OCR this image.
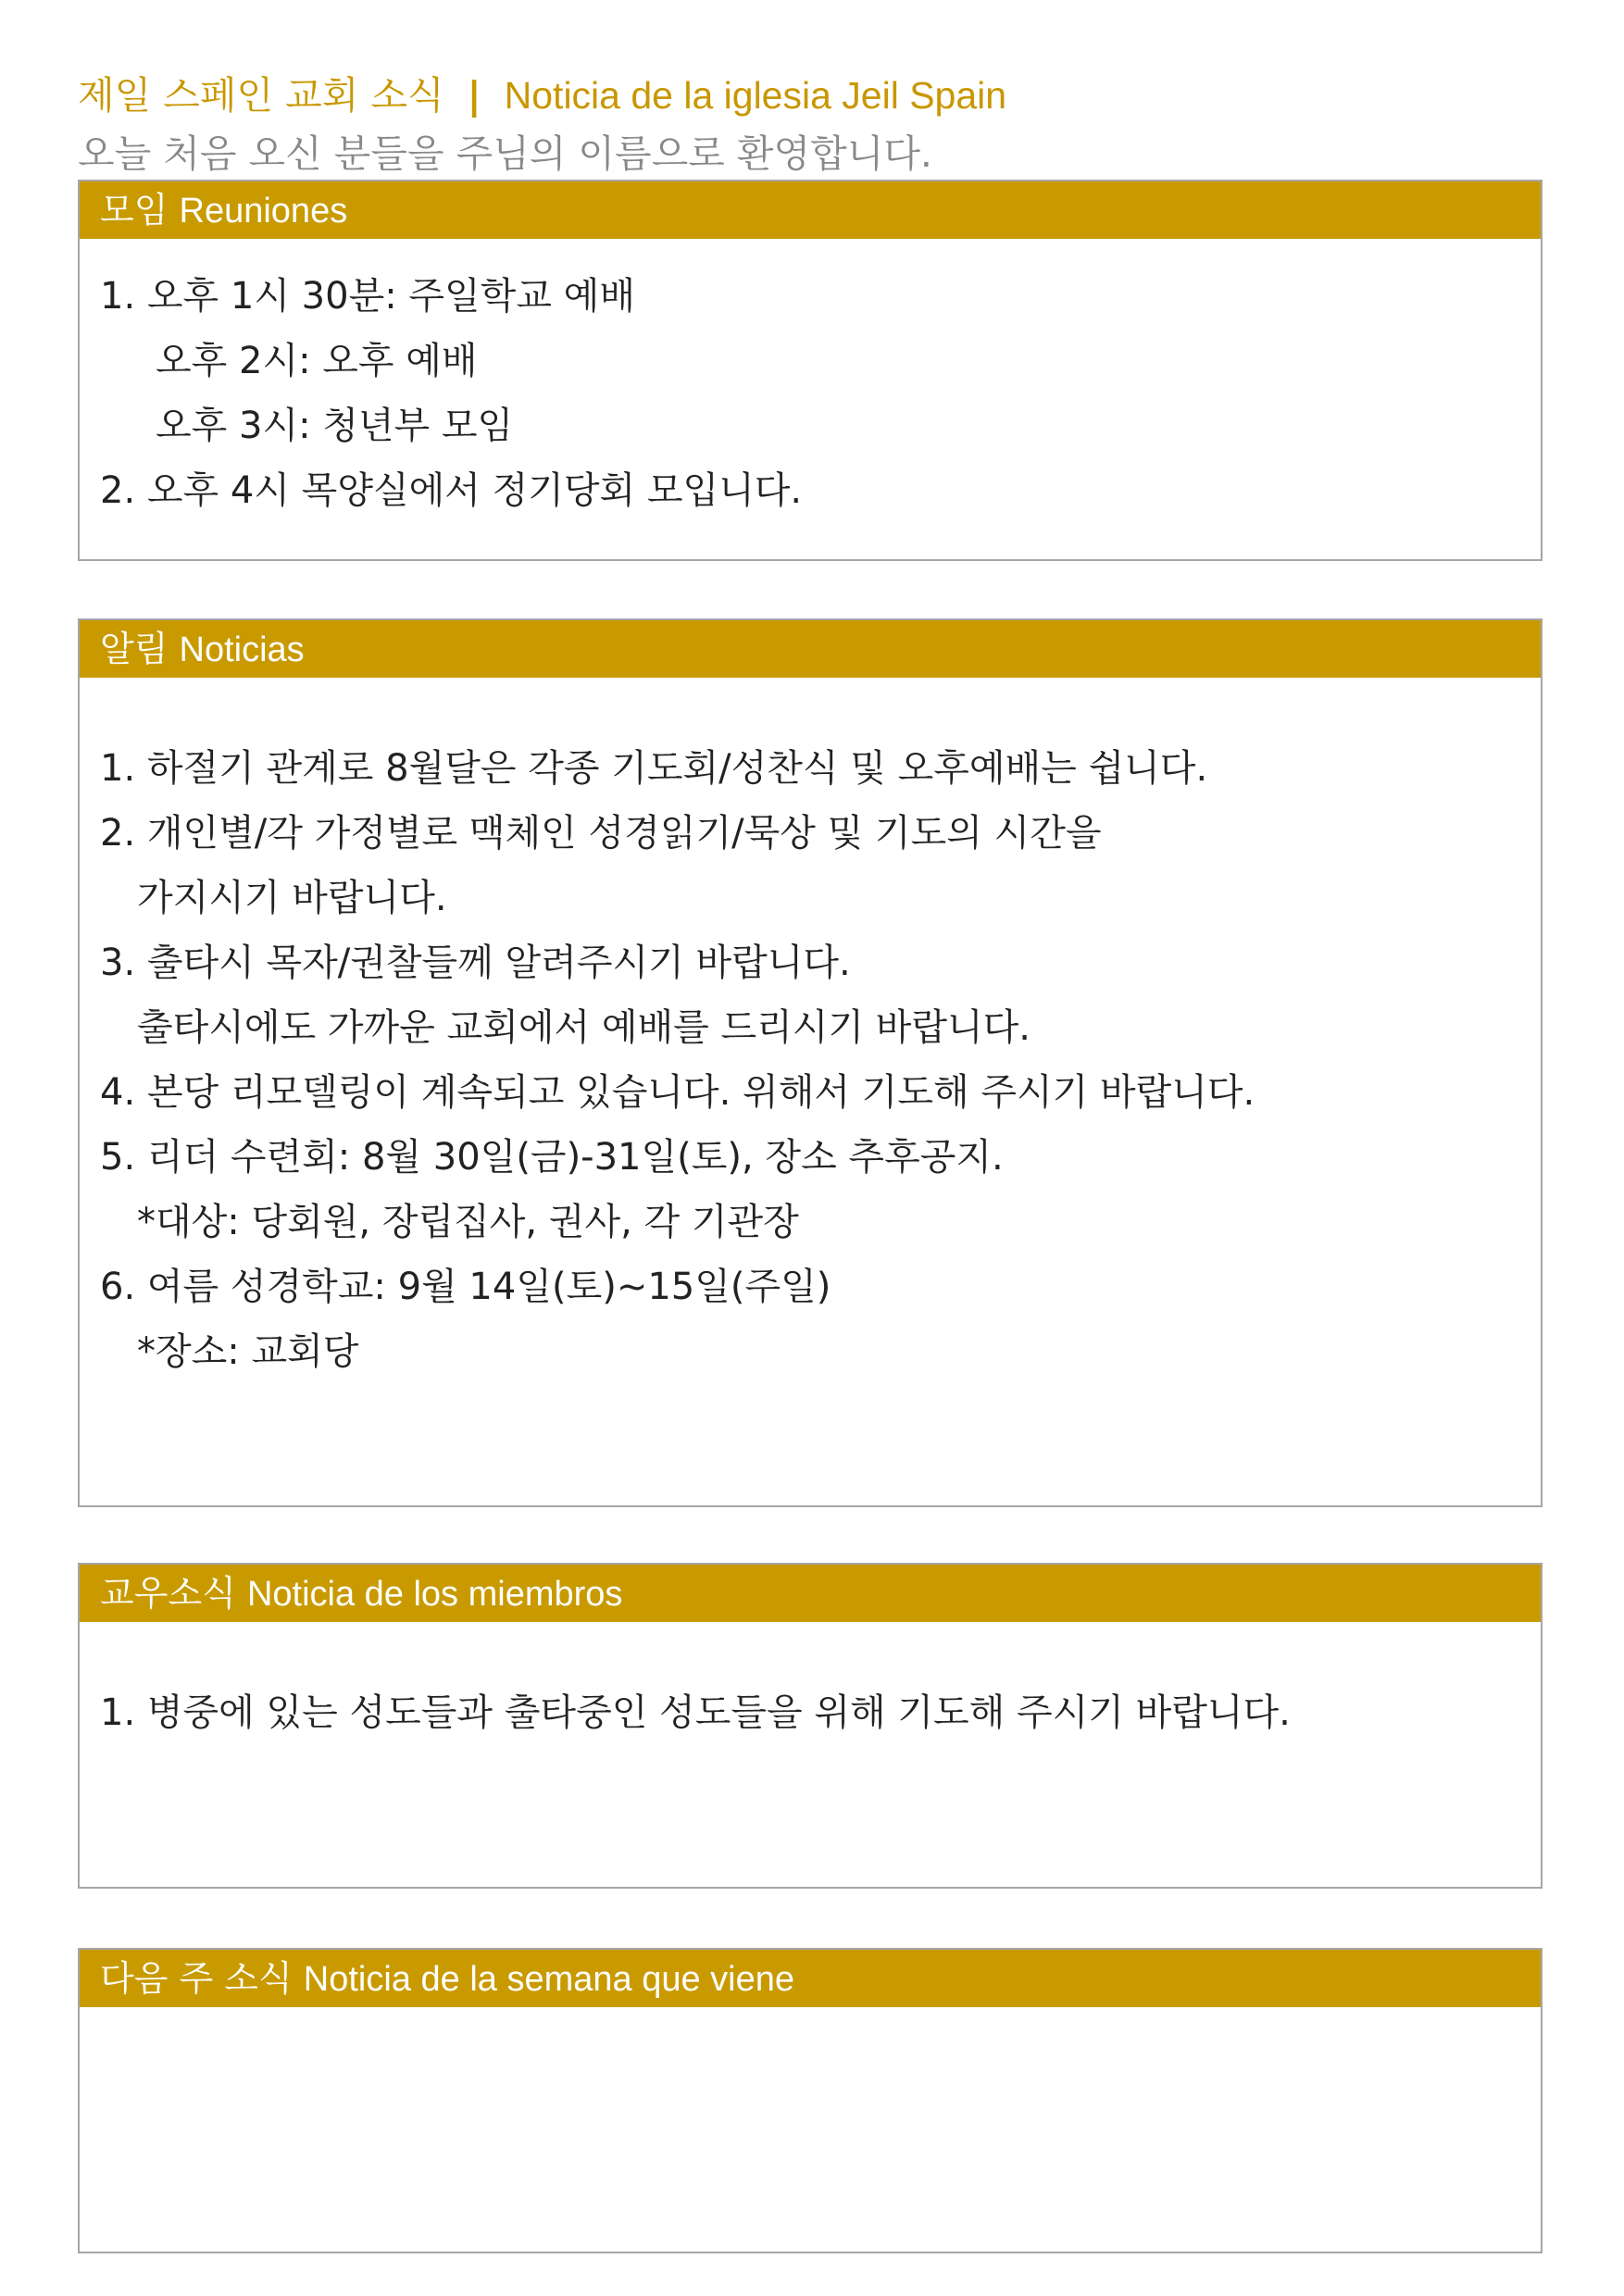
제일 스페인 교회 소식 | Noticia de la iglesia Jeil Spain
오늘 처음 오신 분들을 주님의 이름으로 환영합니다.
모임 Reuniones
1. 오후 1시 30분: 주일학교 예배
오후 2시: 오후 예배
오후 3시: 청년부 모임
2. 오후 4시 목양실에서 정기당회 모입니다.
알림 Noticias
1. 하절기 관계로 8월달은 각종 기도회/성찬식 및 오후예배는 쉽니다.
2. 개인별/각 가정별로 맥체인 성경읽기/묵상 및 기도의 시간을
가지시기 바랍니다.
3. 출타시 목자/권찰들께 알려주시기 바랍니다.
출타시에도 가까운 교회에서 예배를 드리시기 바랍니다.
4. 본당 리모델링이 계속되고 있습니다. 위해서 기도해 주시기 바랍니다.
5. 리더 수련회: 8월 30일(금)-31일(토), 장소 추후공지.
*대상: 당회원, 장립집사, 권사, 각 기관장
6. 여름 성경학교: 9월 14일(토)~15일(주일)
*장소: 교회당
교우소식 Noticia de los miembros
1. 병중에 있는 성도들과 출타중인 성도들을 위해 기도해 주시기 바랍니다.
다음 주 소식 Noticia de la semana que viene
